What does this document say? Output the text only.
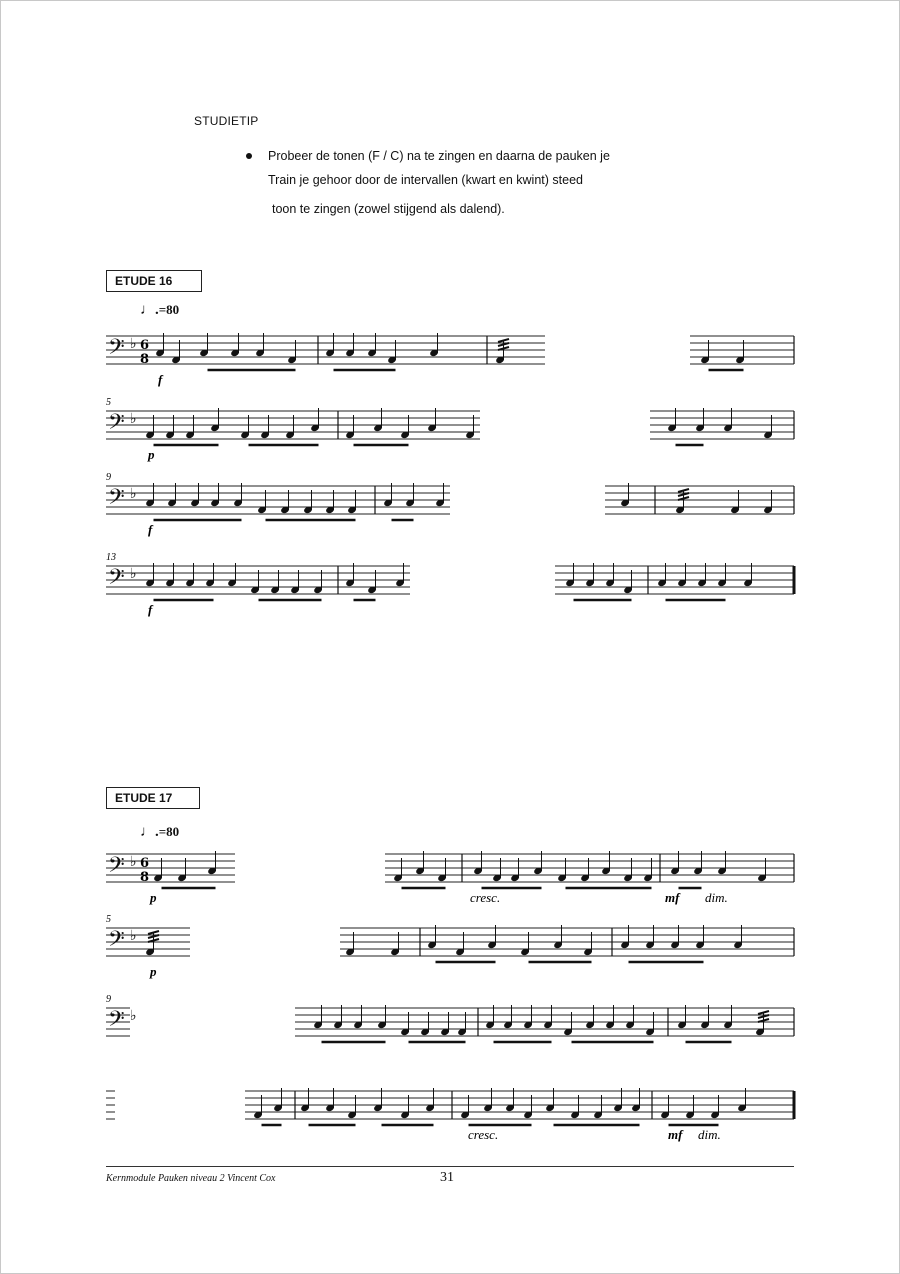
STUDIETIP
Probeer de tonen (F / C) na te zingen en daarna de pauken je
Train je gehoor door de intervallen (kwart en kwint) steed
toon te zingen (zowel stijgend als dalend).
ETUDE 16
♩.=80
𝄢 ♭ 6
8
f
𝄢 ♭
5
p
𝄢 ♭
9
f
𝄢 ♭
13
f
ETUDE 17
♩.=80
𝄢 ♭ 6
8
p	cresc.	mf dim.
𝄢 ♭
5
p
𝄢 ♭
9
cresc.	mf dim.
Kernmodule Pauken niveau 2 Vincent Cox	31
